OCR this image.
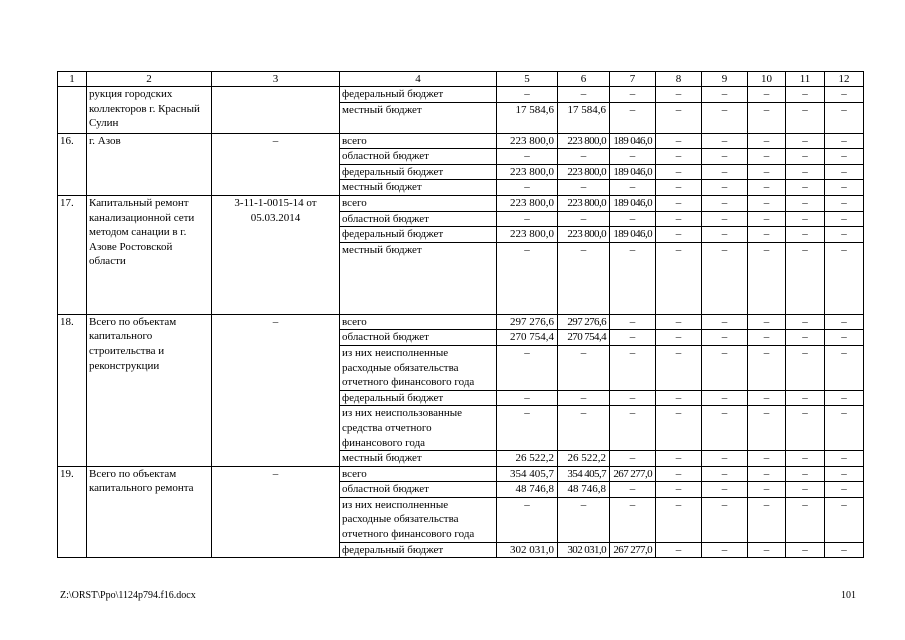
1	2	3	4	5	6	7	8	9	10	11	12
	рукция городских коллекторов г. Красный Сулин		федеральный бюджет	–	–	–	–	–	–	–	–
			местный бюджет	17 584,6	17 584,6	–	–	–	–	–	–
16.	г. Азов	–	всего	223 800,0	223 800,0	189 046,0	–	–	–	–	–
			областной бюджет	–	–	–	–	–	–	–	–
			федеральный бюджет	223 800,0	223 800,0	189 046,0	–	–	–	–	–
			местный бюджет	–	–	–	–	–	–	–	–
17.	Капитальный ремонт канализационной сети методом санации в г. Азове Ростовской области	3-11-1-0015-14 от 05.03.2014	всего	223 800,0	223 800,0	189 046,0	–	–	–	–	–
			областной бюджет	–	–	–	–	–	–	–	–
			федеральный бюджет	223 800,0	223 800,0	189 046,0	–	–	–	–	–
			местный бюджет	–	–	–	–	–	–	–	–
18.	Всего по объектам капитального строительства и реконструкции	–	всего	297 276,6	297 276,6	–	–	–	–	–	–
			областной бюджет	270 754,4	270 754,4	–	–	–	–	–	–
			из них неисполненные расходные обязательства отчетного финансового года	–	–	–	–	–	–	–	–
			федеральный бюджет	–	–	–	–	–	–	–	–
			из них неиспользованные средства отчетного финансового года	–	–	–	–	–	–	–	–
			местный бюджет	26 522,2	26 522,2	–	–	–	–	–	–
19.	Всего по объектам капитального ремонта	–	всего	354 405,7	354 405,7	267 277,0	–	–	–	–	–
			областной бюджет	48 746,8	48 746,8	–	–	–	–	–	–
			из них неисполненные расходные обязательства отчетного финансового года	–	–	–	–	–	–	–	–
			федеральный бюджет	302 031,0	302 031,0	267 277,0	–	–	–	–	–
Z:\ORST\Ppo\1124p794.f16.docx	101
